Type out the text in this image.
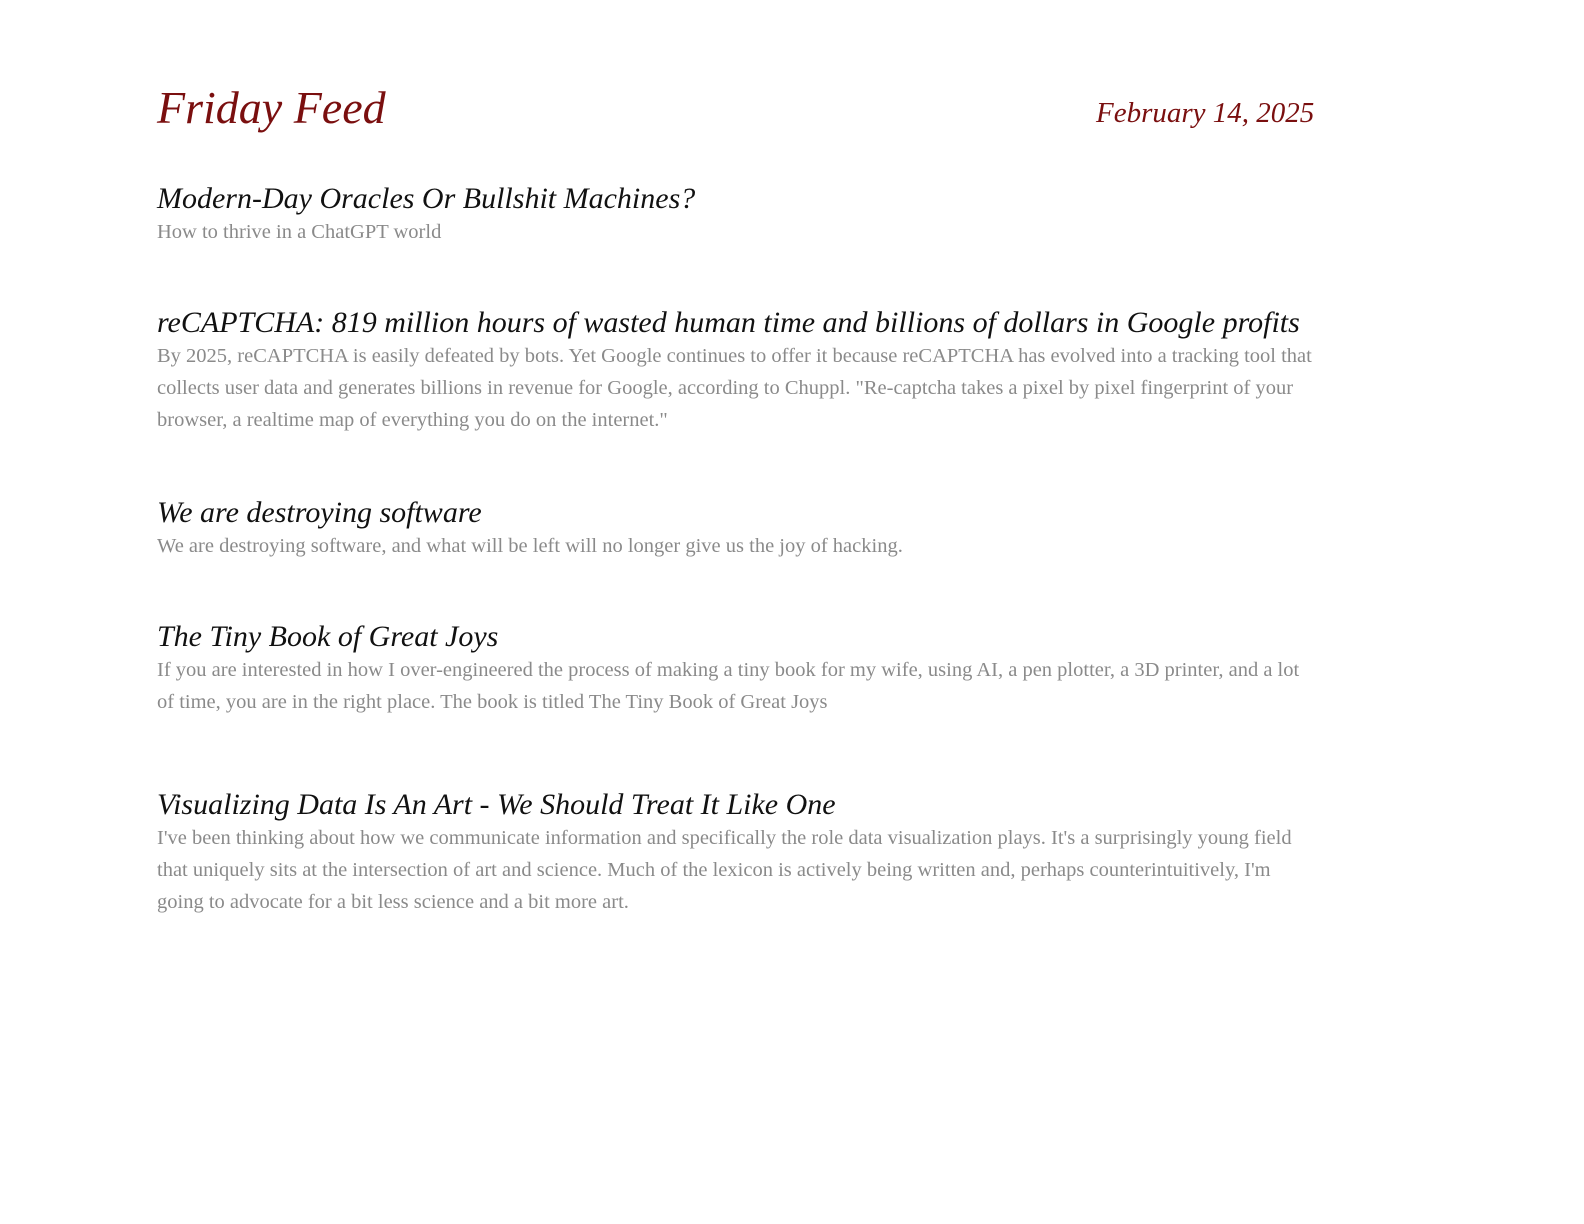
Friday Feed	February 14, 2025
Modern-Day Oracles Or Bullshit Machines?

How to thrive in a ChatGPT world

reCAPTCHA: 819 million hours of wasted human time and billions of dollars in Google profits

By 2025, reCAPTCHA is easily defeated by bots. Yet Google continues to offer it because reCAPTCHA has evolved into a tracking tool that collects user data and generates billions in revenue for Google, according to Chuppl. "Re-captcha takes a pixel by pixel fingerprint of your browser, a realtime map of everything you do on the internet."

We are destroying software

We are destroying software, and what will be left will no longer give us the joy of hacking.

The Tiny Book of Great Joys

If you are interested in how I over-engineered the process of making a tiny book for my wife, using AI, a pen plotter, a 3D printer, and a lot of time, you are in the right place. The book is titled The Tiny Book of Great Joys

Visualizing Data Is An Art - We Should Treat It Like One

I've been thinking about how we communicate information and specifically the role data visualization plays. It's a surprisingly young field that uniquely sits at the intersection of art and science. Much of the lexicon is actively being written and, perhaps counterintuitively, I'm going to advocate for a bit less science and a bit more art.
